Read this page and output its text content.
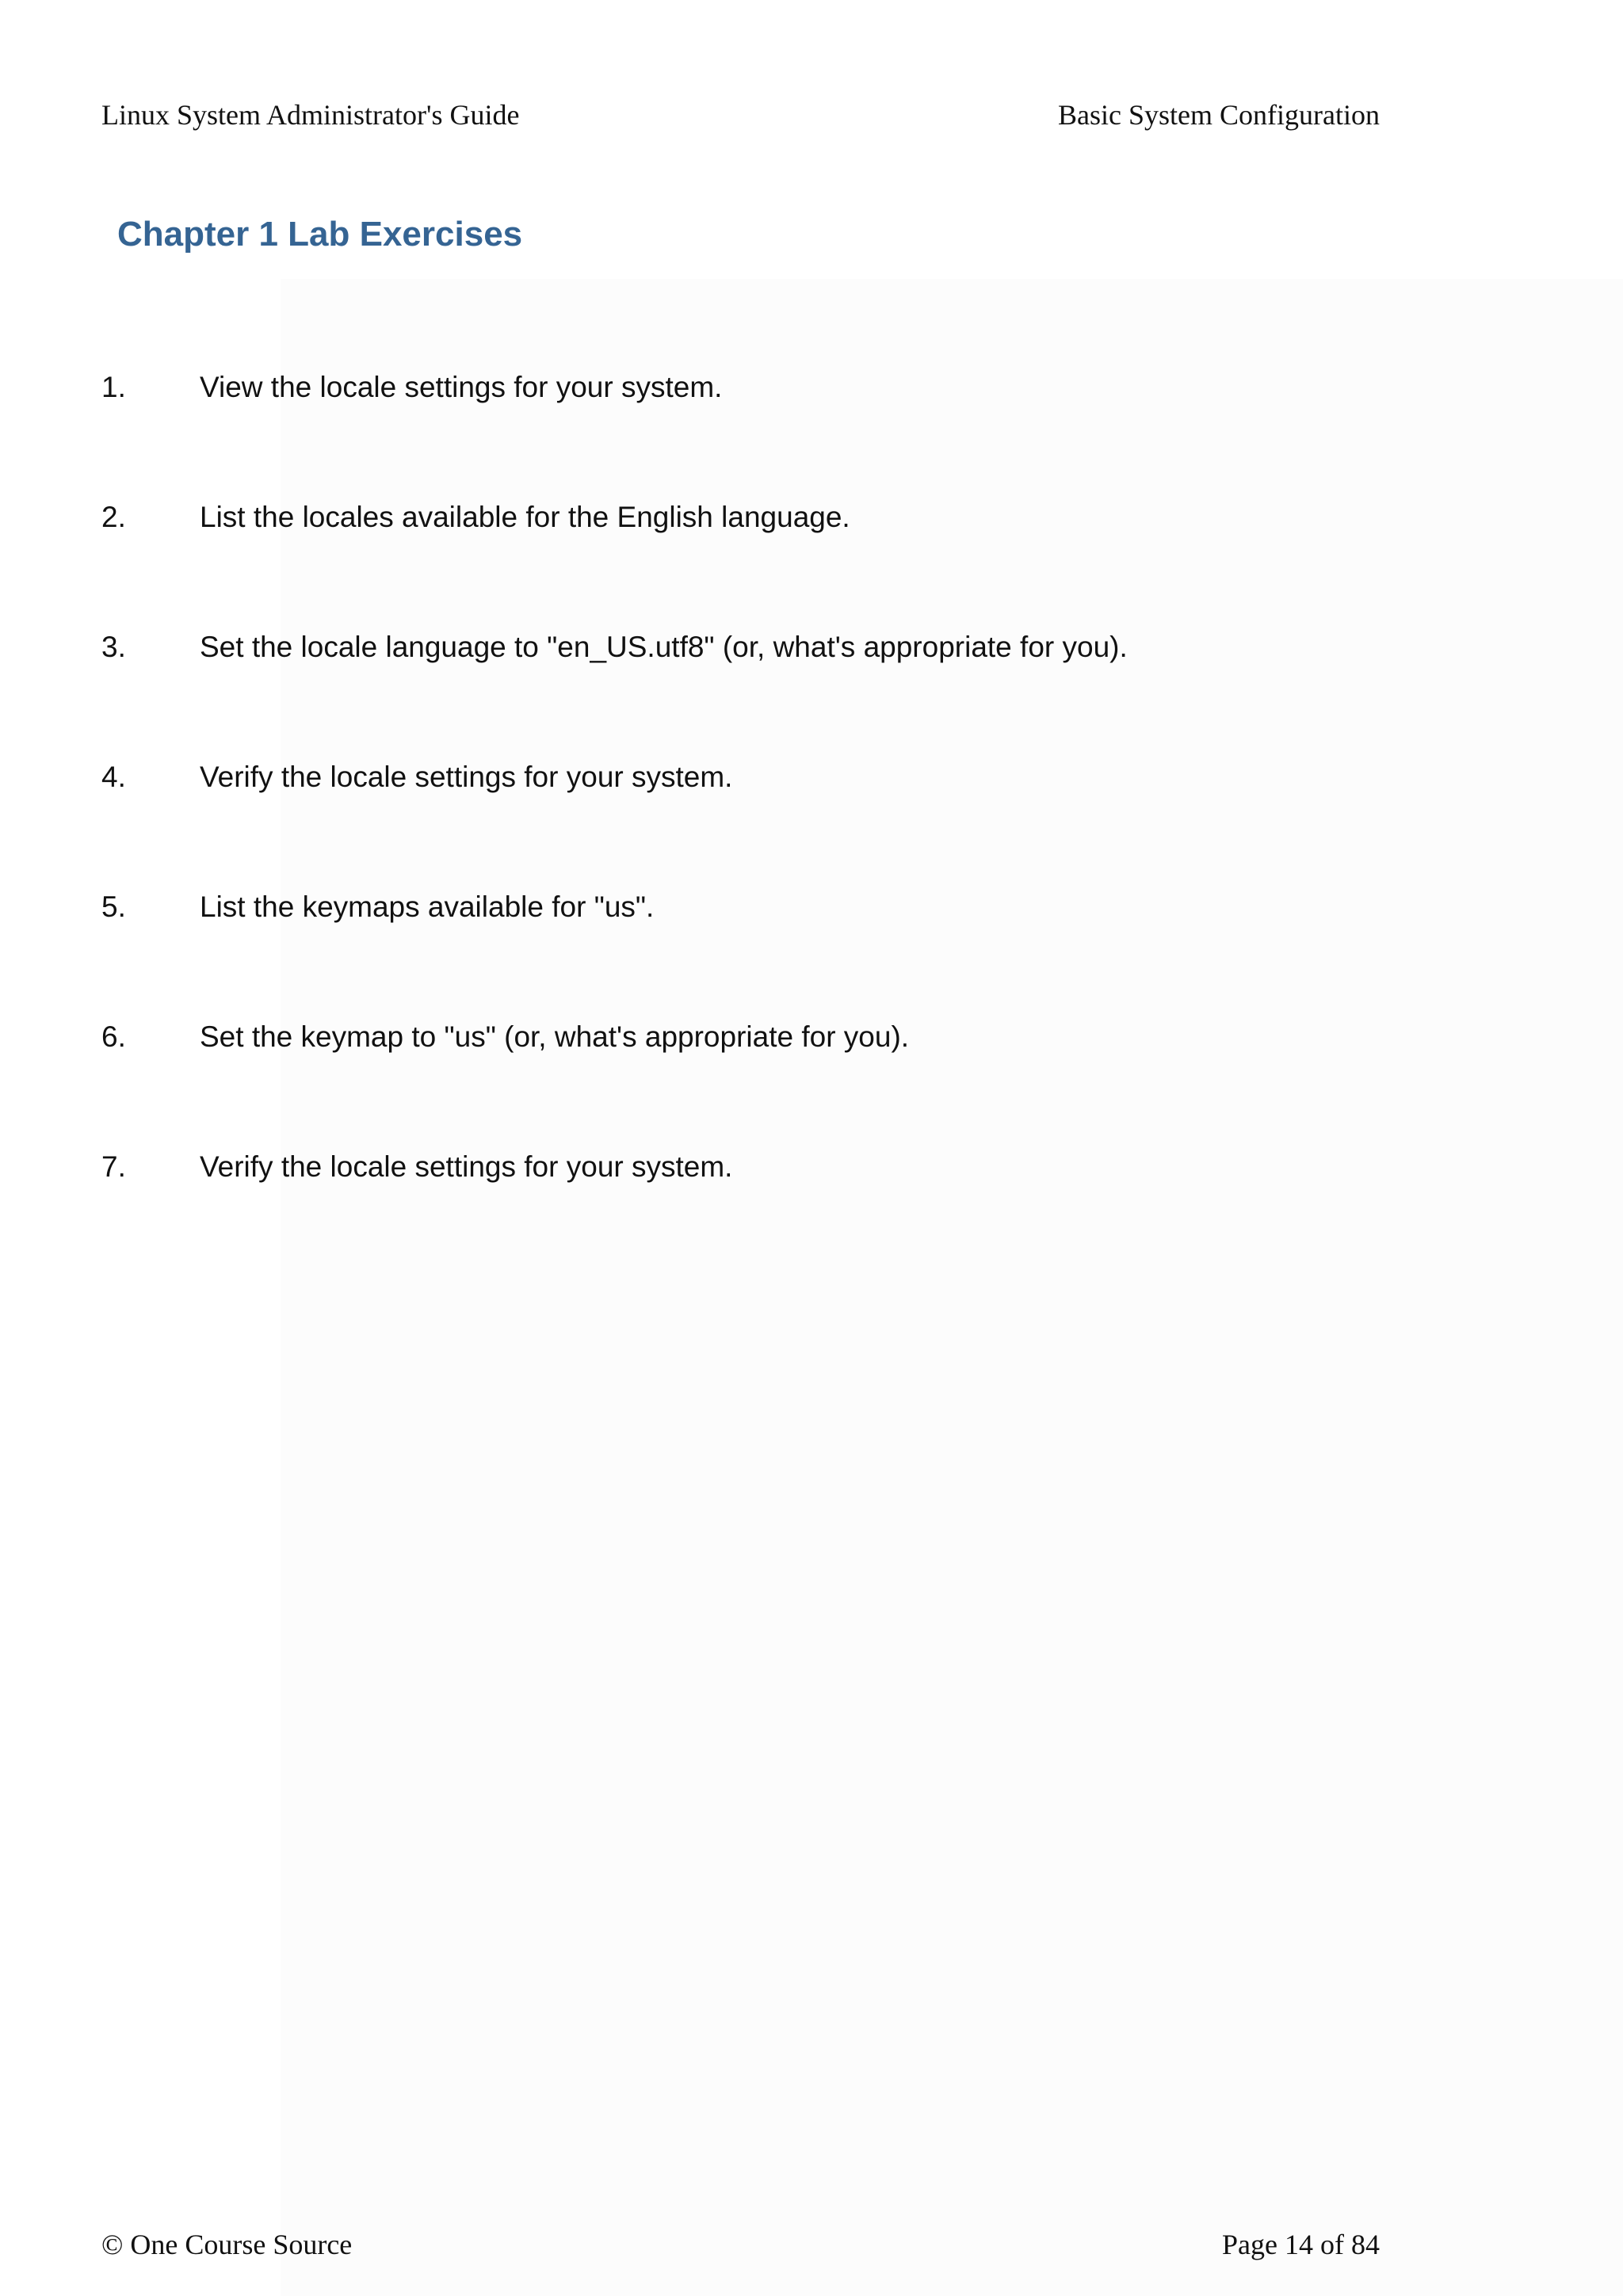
Linux System Administrator's Guide	Basic System Configuration
Chapter 1 Lab Exercises
1.	View the locale settings for your system.
2.	List the locales available for the English language.
3.	Set the locale language to "en_US.utf8" (or, what's appropriate for you).
4.	Verify the locale settings for your system.
5.	List the keymaps available for "us".
6.	Set the keymap to "us" (or, what's appropriate for you).
7.	Verify the locale settings for your system.
© One Course Source	Page 14 of 84
